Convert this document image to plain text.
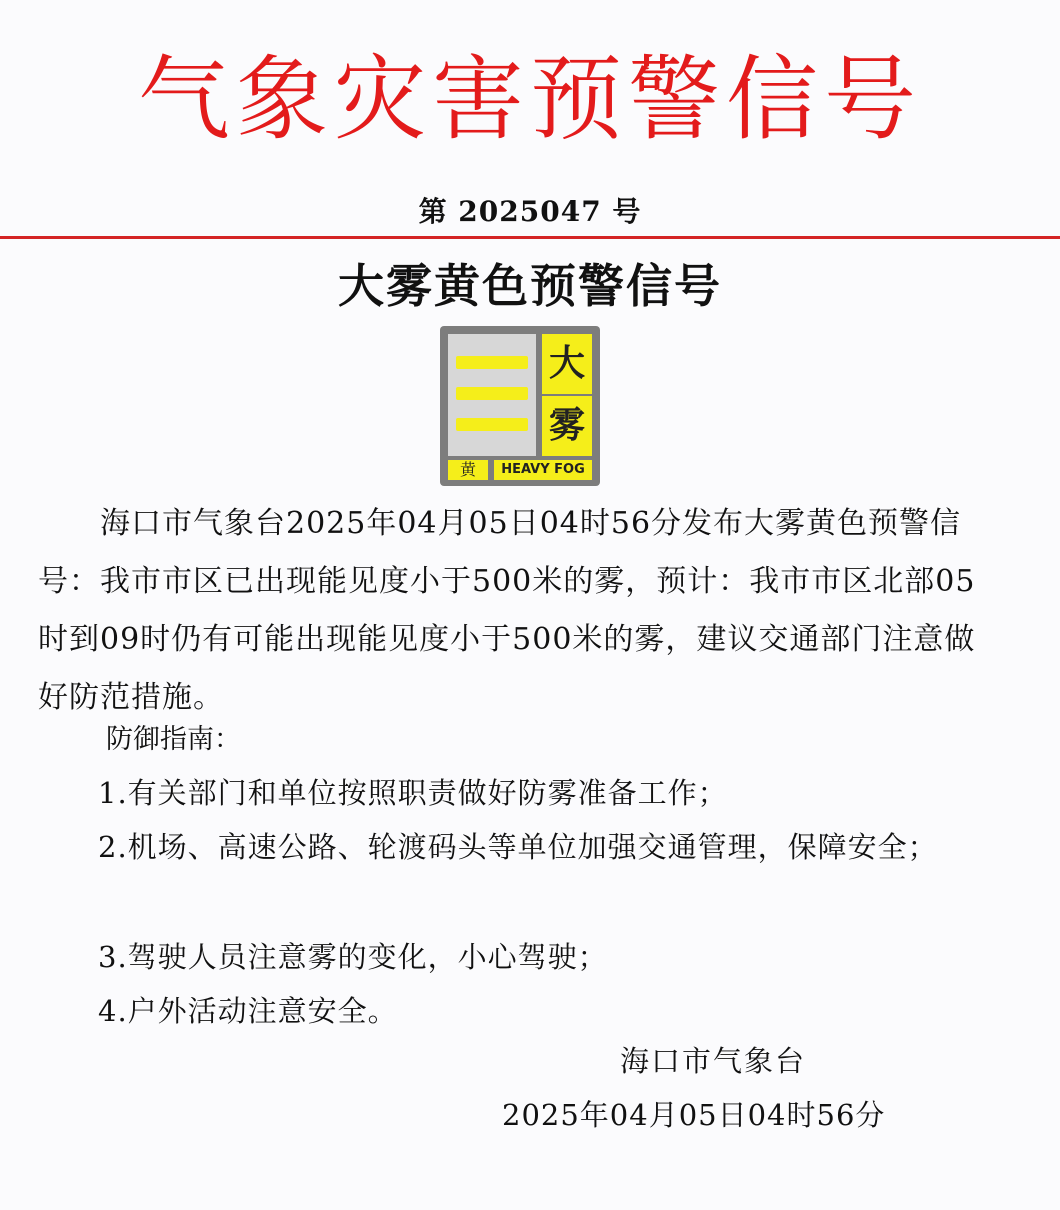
气象灾害预警信号
第 2025047 号
大雾黄色预警信号
大
雾
黄	HEAVY FOG

海口市气象台2025年04月05日04时56分发布大雾黄色预警信号：我市市区已出现能见度小于500米的雾，预计：我市市区北部05时到09时仍有可能出现能见度小于500米的雾，建议交通部门注意做好防范措施。

防御指南：

1.有关部门和单位按照职责做好防雾准备工作；

2.机场、高速公路、轮渡码头等单位加强交通管理，保障安全；

3.驾驶人员注意雾的变化，小心驾驶；

4.户外活动注意安全。

海口市气象台
2025年04月05日04时56分
